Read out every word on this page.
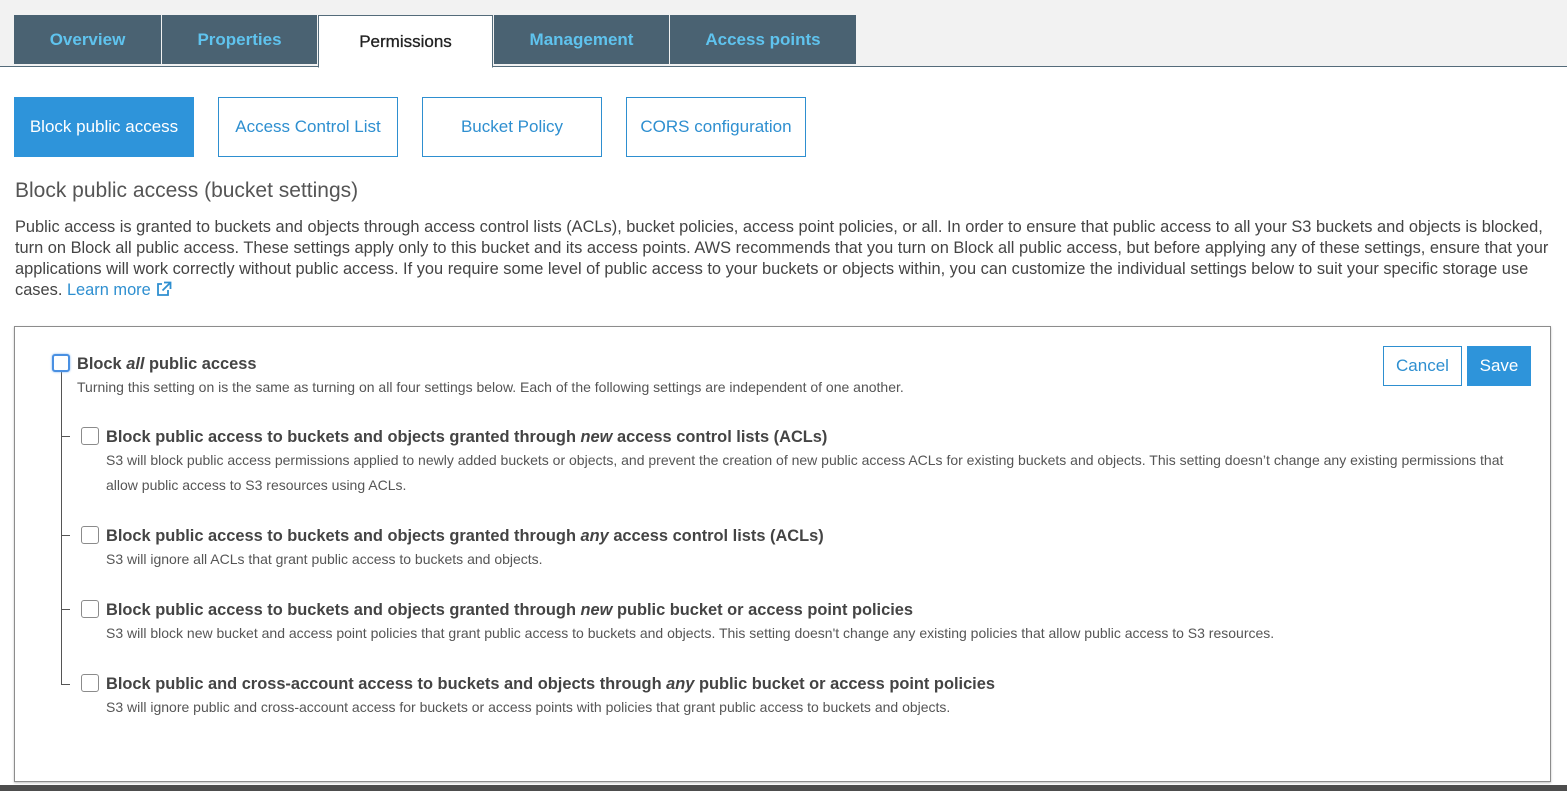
Overview	Properties	Permissions	Management	Access points
Block public access	Access Control List	Bucket Policy	CORS configuration
Block public access (bucket settings)
Public access is granted to buckets and objects through access control lists (ACLs), bucket policies, access point policies, or all. In order to ensure that public access to all your S3 buckets and objects is blocked, turn on Block all public access. These settings apply only to this bucket and its access points. AWS recommends that you turn on Block all public access, but before applying any of these settings, ensure that your applications will work correctly without public access. If you require some level of public access to your buckets or objects within, you can customize the individual settings below to suit your specific storage use cases. Learn more
Block all public access
Turning this setting on is the same as turning on all four settings below. Each of the following settings are independent of one another.
Cancel	Save
Block public access to buckets and objects granted through new access control lists (ACLs)
S3 will block public access permissions applied to newly added buckets or objects, and prevent the creation of new public access ACLs for existing buckets and objects. This setting doesn’t change any existing permissions that allow public access to S3 resources using ACLs.
Block public access to buckets and objects granted through any access control lists (ACLs)
S3 will ignore all ACLs that grant public access to buckets and objects.
Block public access to buckets and objects granted through new public bucket or access point policies
S3 will block new bucket and access point policies that grant public access to buckets and objects. This setting doesn't change any existing policies that allow public access to S3 resources.
Block public and cross-account access to buckets and objects through any public bucket or access point policies
S3 will ignore public and cross-account access for buckets or access points with policies that grant public access to buckets and objects.
